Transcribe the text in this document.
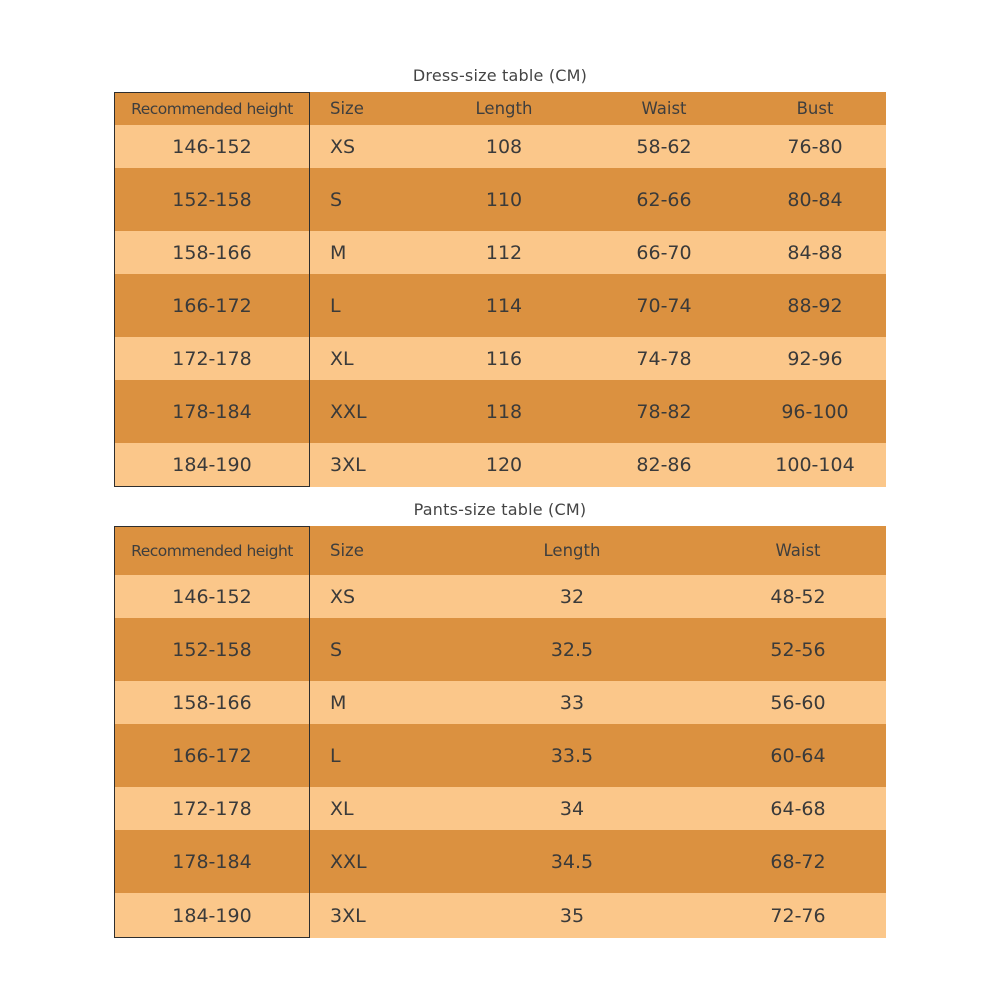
Dress-size table (CM)
Recommended height	Size	Length	Waist	Bust
146-152	XS	108	58-62	76-80
152-158	S	110	62-66	80-84
158-166	M	112	66-70	84-88
166-172	L	114	70-74	88-92
172-178	XL	116	74-78	92-96
178-184	XXL	118	78-82	96-100
184-190	3XL	120	82-86	100-104
Pants-size table (CM)
Recommended height	Size	Length	Waist
146-152	XS	32	48-52
152-158	S	32.5	52-56
158-166	M	33	56-60
166-172	L	33.5	60-64
172-178	XL	34	64-68
178-184	XXL	34.5	68-72
184-190	3XL	35	72-76
